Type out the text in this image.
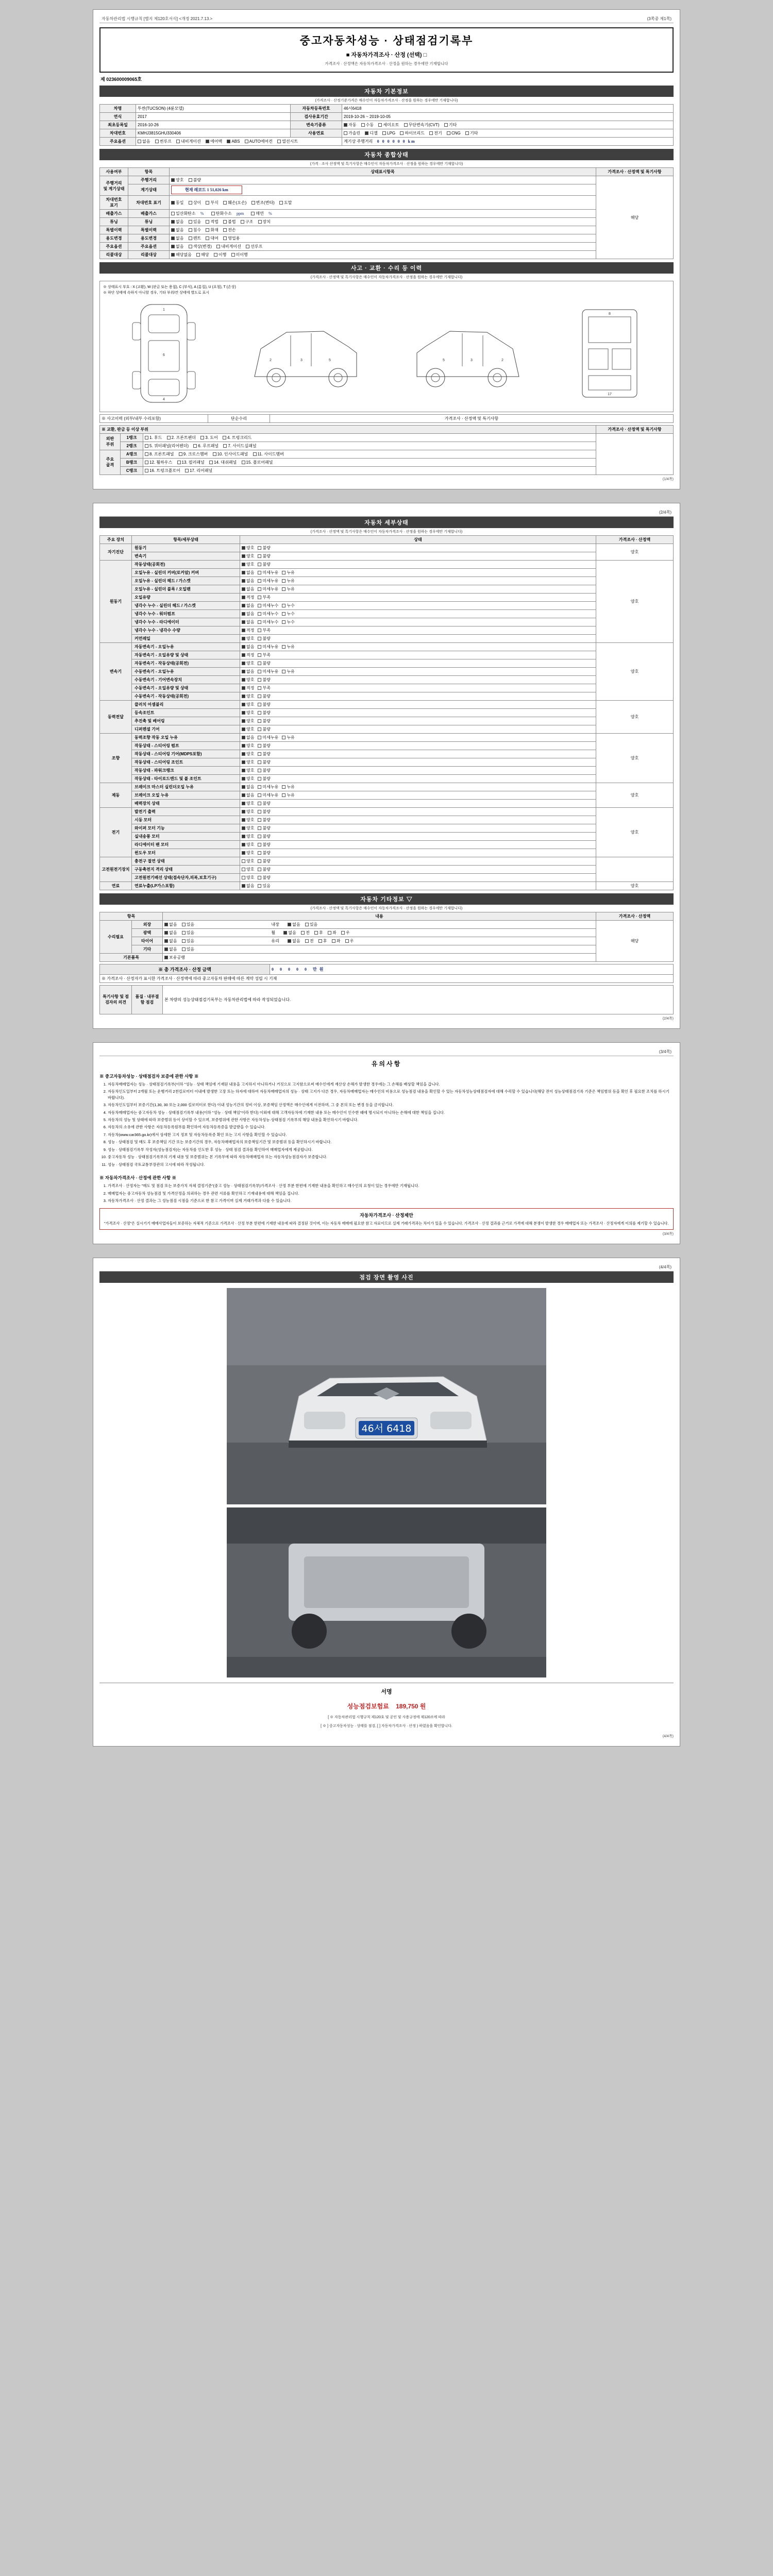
자동차관리법 시행규칙 [별지 제120호서식] <개정 2021.7.13.>	(3쪽중 제1쪽)
중고자동차성능 · 상태점검기록부
■ 자동차가격조사 · 산정 (선택) □
가격조사 · 산정액은 자동차가격조사 · 산정을 원하는 경우에만 기재합니다
제 023600009065호
자동차 기본정보
(가격조사 · 산정기준가격은 매수인이 자동차가격조사 · 산정을 원하는 경우에만 기재합니다)
차명	투싼(TUCSON) (4륜모델)	자동차등록번호	46서6418
연식	2017	검사유효기간	2019-10-26 ~ 2019-10-05
최초등록일	2016-10-26	변속기종류	자동 수동 세미오토 무단변속기(CVT) 기타
차대번호	KMHJ3815GHU330406	사용연료	가솔린 디젤 LPG 하이브리드 전기 CNG 기타
주요옵션	없음 썬루프 내비게이션 에어백 ABS AUTO에어컨 열선시트		계기상 주행거리 0 0 0 0 0 0 km
자동차 종합상태
(가격 · 조사 산정액 및 특기사항은 매수인이 자동차가격조사 · 산정을 원하는 경우에만 기재합니다)
사용여부	항목	상태표시항목	가격조사 · 산정액 및 특기사항
주행거리
및 계기상태	주행거리	양호 불량	해당
	계기상태	현재 레코드 1 51,026 km	
차대번호
표기	차대번호 표기	동일 상이 부식 훼손(오손) 변조(변타) 도말	
배출가스	배출가스	일산화탄소 % 탄화수소 ppm 매연 %	
튜닝	튜닝	없음 있음 적법 불법 구조 장치	
특별이력	특별이력	없음 침수 화재 전손	
용도변경	용도변경	없음 렌트 대여 영업용	
주요옵션	주요옵션	없음 색상(변경) 내비게이션 선루프	
리콜대상	리콜대상	해당없음 해당 이행 미이행	
사고 · 교환 · 수리 등 이력
(가격조사 · 산정액 및 특기사항은 매수인이 자동차가격조사 · 산정을 원하는 경우에만 기재합니다)
※ 상태표시 부호 : X (교환), W (판금 또는 용접), C (부식), A (흠집), U (요철), T (손상)
※ 하단 상태에 속하지 아니할 경우, 기타 부위/칸 상태에 별도로 표시
1
6
4
2	3	5	2
3
5
8
17
※ 사고이력 (외부/내부 수리포함)	단순수리	가격조사 · 산정액 및 특기사항
※ 교환, 판금 등 이상 부위			가격조사 · 산정액 및 특기사항
외판
부위	1랭크	1. 후드 2. 프론트펜더 3. 도어 4. 트렁크리드	
	2랭크	5. 쿼터패널(리어펜더) 6. 루프패널 7. 사이드실패널	
주요
골격	A랭크	8. 프론트패널 9. 크로스멤버 10. 인사이드패널 11. 사이드멤버	
	B랭크	12. 휠하우스 13. 필러패널 14. 대쉬패널 15. 플로어패널	
	C랭크	16. 트렁크플로어 17. 리어패널	
(1/4쪽)
(2/4쪽)
자동차 세부상태
(가격조사 · 산정액 및 특기사항은 매수인이 자동차가격조사 · 산정을 원하는 경우에만 기재합니다)
주요 장치	항목/세부상태	상태	가격조사 · 산정액
자기진단	원동기	양호 불량	양호
	변속기	양호 불량	
원동기	작동상태(공회전)	양호 불량	양호
	오일누유 - 실린더 커버(로커암) 커버	없음 미세누유 누유	
	오일누유 - 실린더 헤드 / 가스켓	없음 미세누유 누유	
	오일누유 - 실린더 블록 / 오일팬	없음 미세누유 누유	
	오일유량	적정 부족	
	냉각수 누수 - 실린더 헤드 / 가스켓	없음 미세누수 누수	
	냉각수 누수 - 워터펌프	없음 미세누수 누수	
	냉각수 누수 - 라디에이터	없음 미세누수 누수	
	냉각수 누수 - 냉각수 수량	적정 부족	
	커먼레일	양호 불량	
변속기	자동변속기 - 오일누유	없음 미세누유 누유	양호
	자동변속기 - 오일유량 및 상태	적정 부족	
	자동변속기 - 작동상태(공회전)	양호 불량	
	수동변속기 - 오일누유	없음 미세누유 누유	
	수동변속기 - 기어변속장치	양호 불량	
	수동변속기 - 오일유량 및 상태	적정 부족	
	수동변속기 - 작동상태(공회전)	양호 불량	
동력전달	클러치 어셈블리	양호 불량	양호
	등속조인트	양호 불량	
	추진축 및 베어링	양호 불량	
	디퍼렌셜 기어	양호 불량	
조향	동력조향 작동 오일 누유	없음 미세누유 누유	양호
	작동상태 - 스티어링 펌프	양호 불량	
	작동상태 - 스티어링 기어(MDPS포함)	양호 불량	
	작동상태 - 스티어링 조인트	양호 불량	
	작동상태 - 파워크랭크	양호 불량	
	작동상태 - 타이로드엔드 및 볼 조인트	양호 불량	
제동	브레이크 마스터 실린더오일 누유	없음 미세누유 누유	양호
	브레이크 오일 누유	없음 미세누유 누유	
	배력장치 상태	양호 불량	
전기	발전기 출력	양호 불량	양호
	시동 모터	양호 불량	
	와이퍼 모터 기능	양호 불량	
	실내송풍 모터	양호 불량	
	라디에이터 팬 모터	양호 불량	
	윈도우 모터	양호 불량	
고전원전기장치	충전구 절연 상태	양호 불량	
	구동축전지 격리 상태	양호 불량	
	고전원전기배선 상태(접속단자,피복,보호기구)	양호 불량	
연료	연료누출(LP가스포함)	없음 있음	양호
자동차 기타정보 ▽
(가격조사 · 산정액 및 특기사항은 매수인이 자동차가격조사 · 산정을 원하는 경우에만 기재합니다)
항목		내용	가격조사 · 산정액
수리필요	외장	없음 있음 내장 없음 있음	해당
	광택	없음 있음 휠 없음 전 후 좌 우	
	타이어	없음 있음 유리 없음 전 후 좌 우	
	기타	없음 있음	
기본품목		보유공랭	
※ 총 가격조사 · 산정 금액	0 0 0 0 0 만원
※ 가격조사 · 산정자가 표시한 가격조사 · 산정액에 따라 중고자동차 판매에 따른 계약 성립 시 기재
특기사항 및 점검자의 의견	품질 · 내부결함 점검	본 차량의 성능상태점검기록부는 자동차관리법에 따라 작성되었습니다.
(2/4쪽)
(3/4쪽)
유의사항
※ 중고자동차성능 · 상태점검자 보증에 관한 사항 ※
1. 자동차매매업자는 성능 · 상태점검기록부(이하 "성능 · 상태 책임에 기재된 내용을 고지하지 아니하거나 거짓으로 고지함으로써 매수인에게 재산상 손해가 발생한 경우에는 그 손해를 배상할 책임을 갑니다.
2. 자동차인도일부터 2개월 또는 운행거리 2천킬로미터 이내에 발생한 고장 또는 하자에 대하여 자동차매매업자의 성능 · 상태 고지가 다른 경우, 자동차매매업자는 매수인의 비용으로 성능점검 내용을 확인할 수 있는 자동차성능상태점검자에 대해 수리할 수 있습니다(해당 전이 성능상태점검기록 기준은 책임범위 등을 확인 후 필요한 조치를 하시기 바랍니다).
3. 자동차인도일부터 보증기간(1,30, 30 또는 2,000 킬로미터로 한다) 이내 성능기간의 정비 이상, 보증책임 산정액은 매수인에게 이전하며, 그 중 본의 또는 변경 등을 금지합니다.
4. 자동차매매업자는 중고자동차 성능 · 상태점검기록부 내용(이하 "성능 · 상태 책임"이라 한다) 이외에 대해 고객자동차에 기재한 내용 또는 매수인이 인수한 때에 명시되지 아니하는 손해에 대한 책임을 집니다.
5. 자동차의 성능 및 상태에 따라 보증범위 등이 상이할 수 있으며, 보증범위에 관한 사항은 자동차성능·상태점검 기록부의 해당 내용을 확인하시기 바랍니다.
6. 자동차의 소유에 관한 사항은 자동차등록원부를 확인하여 자동차등록증을 발급받을 수 있습니다.
7. 자동차(www.car365.go.kr)에서 상세한 고지 정보 및 자동차등록증 확인 또는 고지 사항을 확인할 수 있습니다.
8. 성능 · 상태점검 및 매도 후 보증책임 기간 또는 보증기간의 경우, 자동차매매업자의 보증책임기간 및 보증범위 등을 확인하시기 바랍니다.
9. 성능 · 상태점검기록부 작성자(성능점검자)는 자동차를 인도한 후 성능 · 상태 점검 결과를 확인하여 매매업자에게 제공합니다.
10. 중고자동차 성능 · 상태점검기록부의 기재 내용 및 보증범위는 본 기록부에 따라 자동차매매업자 또는 자동차성능점검자가 보증합니다.
11. 성능 · 상태점검 국토교통부장관의 고시에 따라 작성됩니다.
※ 자동차가격조사 · 산정에 관한 사항 ※
1. 가격조사 · 산정자는 "매도 및 점검 또는 보증가치 자체 결정기준"(중고 성능 · 상태점검기록부)가격조사 · 산정 부분 한편에 기재한 내용을 확인하고 매수인의 요청이 있는 경우에만 기재됩니다.
2. 매매업자는 중고자동차 성능점검 및 가격산정을 의뢰하는 경우 관련 서류를 확인하고 기재내용에 대해 책임을 집니다.
3. 자동차가격조사 · 산정 결과는 그 성능점검 시점을 기준으로 한 참고 가격이며 실제 거래가격과 다를 수 있습니다.
자동차가격조사 · 산정제안
"가격조사 · 산정"은 실시기기 매매사업자들이 보증하는 자체적 기준으로 가격조사 · 산정 부분 한편에 기재한 내용에 따라 결정된 것이며, 이는 자동차 매매에 필요한 참고 자료이므로 실제 거래가격과는 차이가 있을 수 있습니다. 가격조사 · 산정 결과를 근거로 가격에 대해 분쟁이 발생한 경우 매매업자 또는 가격조사 · 산정자에게 이의를 제기할 수 있습니다.
(3/4쪽)
(4/4쪽)
점검 장면 촬영 사진
46서 6418
서명
성능점검보험료 189,750 원
[ ※ 자동차관리법 시행규칙 제120호 및 공인 및 사용규정에 제120조에 따라
[ ※ ] 중고자동차성능 · 상태를 점검, [ ] 자동차가격조사 · 산정 ) 하였음을 확인합니다.
(4/4쪽)
